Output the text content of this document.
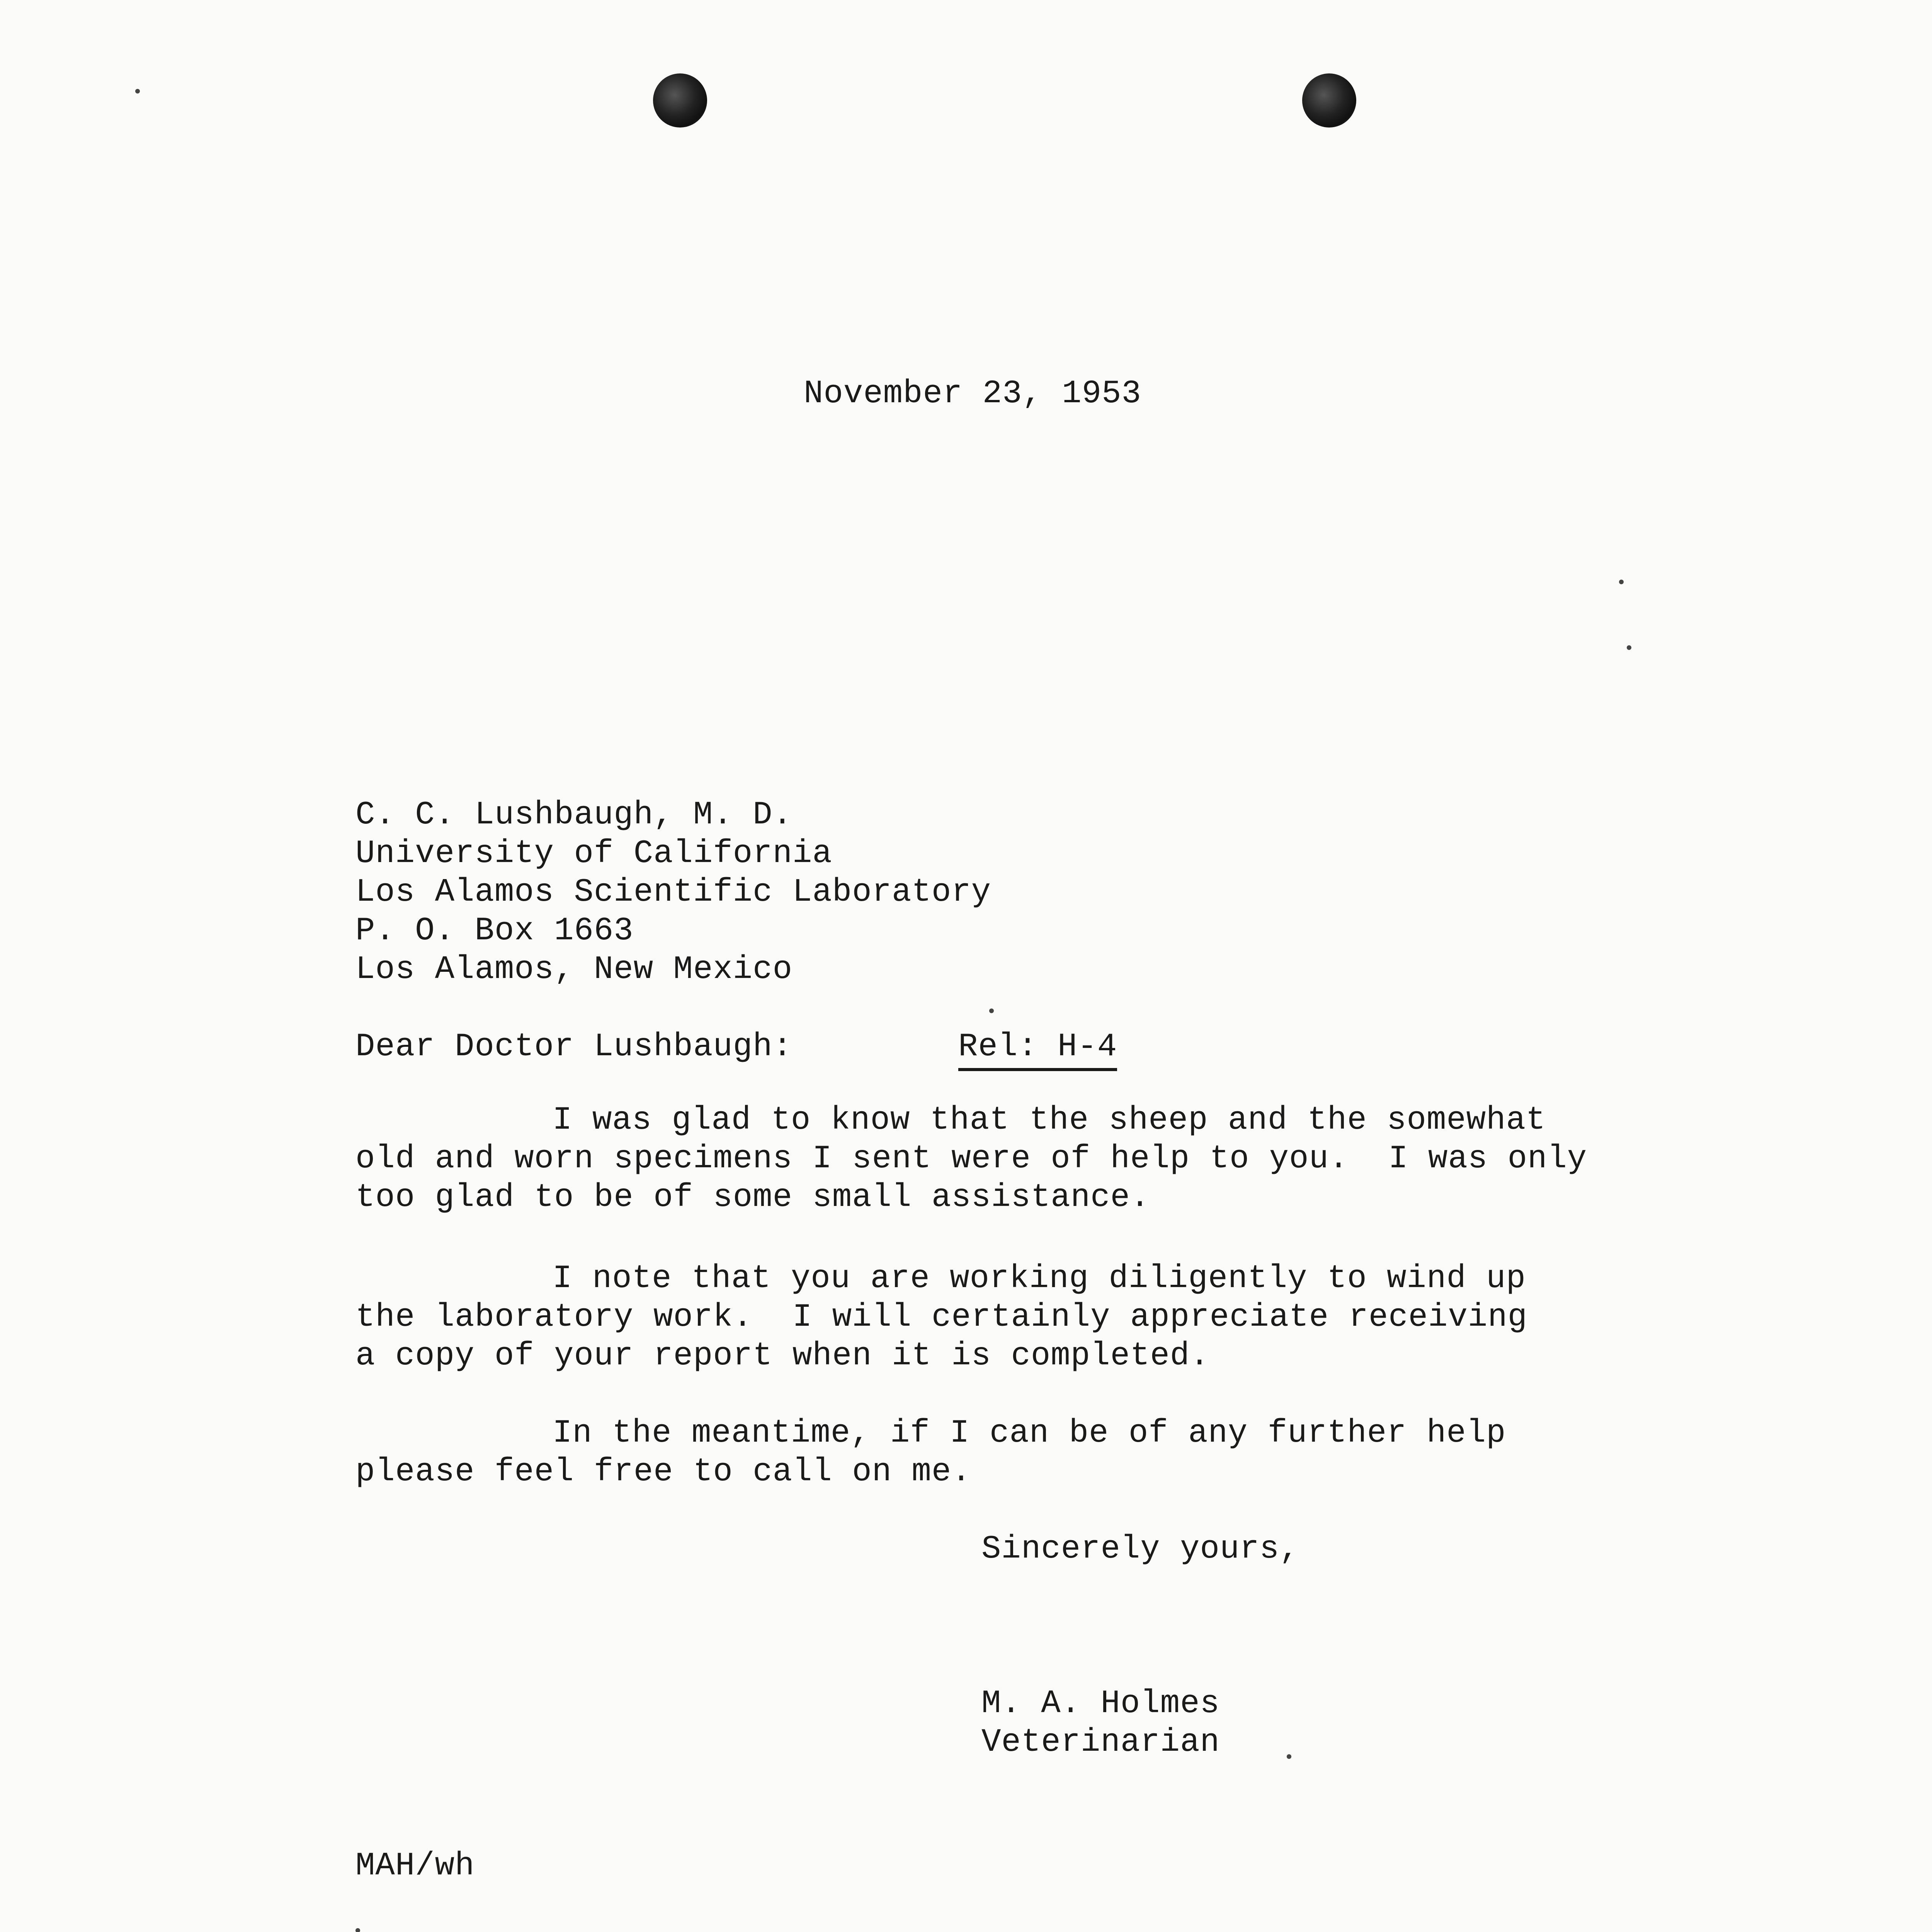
November 23, 1953
C. C. Lushbaugh, M. D.
University of California
Los Alamos Scientific Laboratory
P. O. Box 1663
Los Alamos, New Mexico
Dear Doctor Lushbaugh:	Rel: H-4
I was glad to know that the sheep and the somewhat
old and worn specimens I sent were of help to you.  I was only
too glad to be of some small assistance.
I note that you are working diligently to wind up
the laboratory work.  I will certainly appreciate receiving
a copy of your report when it is completed.
In the meantime, if I can be of any further help
please feel free to call on me.
Sincerely yours,
M. A. Holmes
Veterinarian
MAH/wh
